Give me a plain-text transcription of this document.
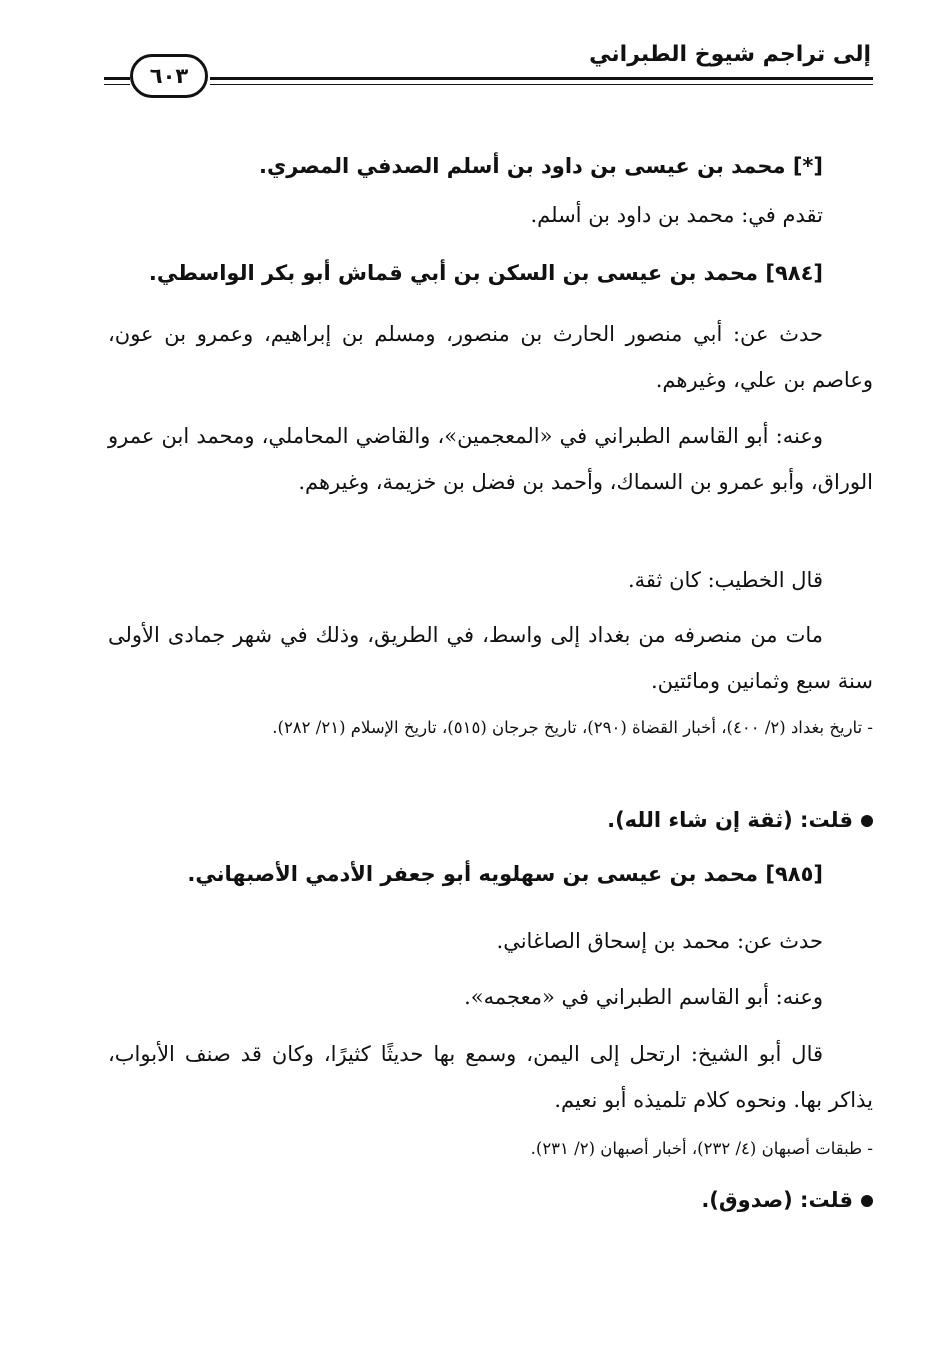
إلى تراجم شيوخ الطبراني
٦٠٣
[*] محمد بن عيسى بن داود بن أسلم الصدفي المصري.
تقدم في: محمد بن داود بن أسلم.
[٩٨٤] محمد بن عيسى بن السكن بن أبي قماش أبو بكر الواسطي.
حدث عن: أبي منصور الحارث بن منصور، ومسلم بن إبراهيم، وعمرو بن عون، وعاصم بن علي، وغيرهم.
وعنه: أبو القاسم الطبراني في «المعجمين»، والقاضي المحاملي، ومحمد ابن عمرو الوراق، وأبو عمرو بن السماك، وأحمد بن فضل بن خزيمة، وغيرهم.
قال الخطيب: كان ثقة.
مات من منصرفه من بغداد إلى واسط، في الطريق، وذلك في شهر جمادى الأولى سنة سبع وثمانين ومائتين.
- تاريخ بغداد (٢/ ٤٠٠)، أخبار القضاة (٢٩٠)، تاريخ جرجان (٥١٥)، تاريخ الإسلام (٢١/ ٢٨٢).
قلت: (ثقة إن شاء الله).
[٩٨٥] محمد بن عيسى بن سهلويه أبو جعفر الأدمي الأصبهاني.
حدث عن: محمد بن إسحاق الصاغاني.
وعنه: أبو القاسم الطبراني في «معجمه».
قال أبو الشيخ: ارتحل إلى اليمن، وسمع بها حديثًا كثيرًا، وكان قد صنف الأبواب، يذاكر بها. ونحوه كلام تلميذه أبو نعيم.
- طبقات أصبهان (٤/ ٢٣٢)، أخبار أصبهان (٢/ ٢٣١).
قلت: (صدوق).
